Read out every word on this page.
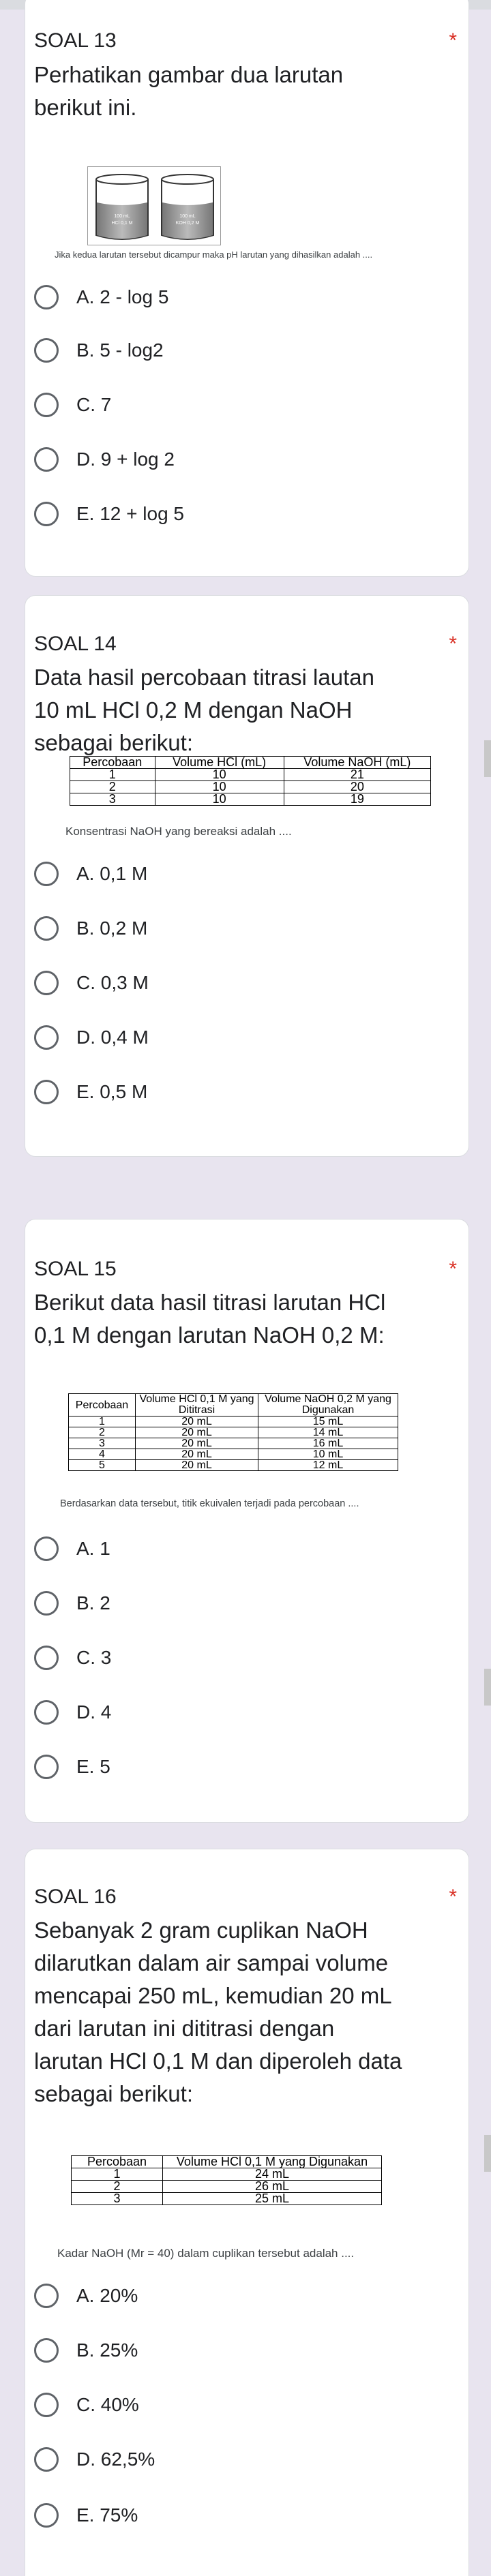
SOAL 13	*
Perhatikan gambar dua larutan
berikut ini.
100 mL
HCl 0,1 M
100 mL
KOH 0,2 M
Jika kedua larutan tersebut dicampur maka pH larutan yang dihasilkan adalah ....
A. 2 - log 5
B. 5 - log2
C. 7
D. 9 + log 2
E. 12 + log 5
SOAL 14	*
Data hasil percobaan titrasi lautan
10 mL HCl 0,2 M dengan NaOH
sebagai berikut:
Percobaan	Volume HCl (mL)	Volume NaOH (mL)
1	10	21
2	10	20
3	10	19
Konsentrasi NaOH yang bereaksi adalah ....
A. 0,1 M
B. 0,2 M
C. 0,3 M
D. 0,4 M
E. 0,5 M
SOAL 15	*
Berikut data hasil titrasi larutan HCl
0,1 M dengan larutan NaOH 0,2 M:
Percobaan	Volume HCl 0,1 M yang Dititrasi	Volume NaOH 0,2 M yang Digunakan
1	20 mL	15 mL
2	20 mL	14 mL
3	20 mL	16 mL
4	20 mL	10 mL
5	20 mL	12 mL
Berdasarkan data tersebut, titik ekuivalen terjadi pada percobaan ....
A. 1
B. 2
C. 3
D. 4
E. 5
SOAL 16	*
Sebanyak 2 gram cuplikan NaOH
dilarutkan dalam air sampai volume
mencapai 250 mL, kemudian 20 mL
dari larutan ini dititrasi dengan
larutan HCl 0,1 M dan diperoleh data
sebagai berikut:
Percobaan	Volume HCl 0,1 M yang Digunakan
1	24 mL
2	26 mL
3	25 mL
Kadar NaOH (Mr = 40) dalam cuplikan tersebut adalah ....
A. 20%
B. 25%
C. 40%
D. 62,5%
E. 75%
